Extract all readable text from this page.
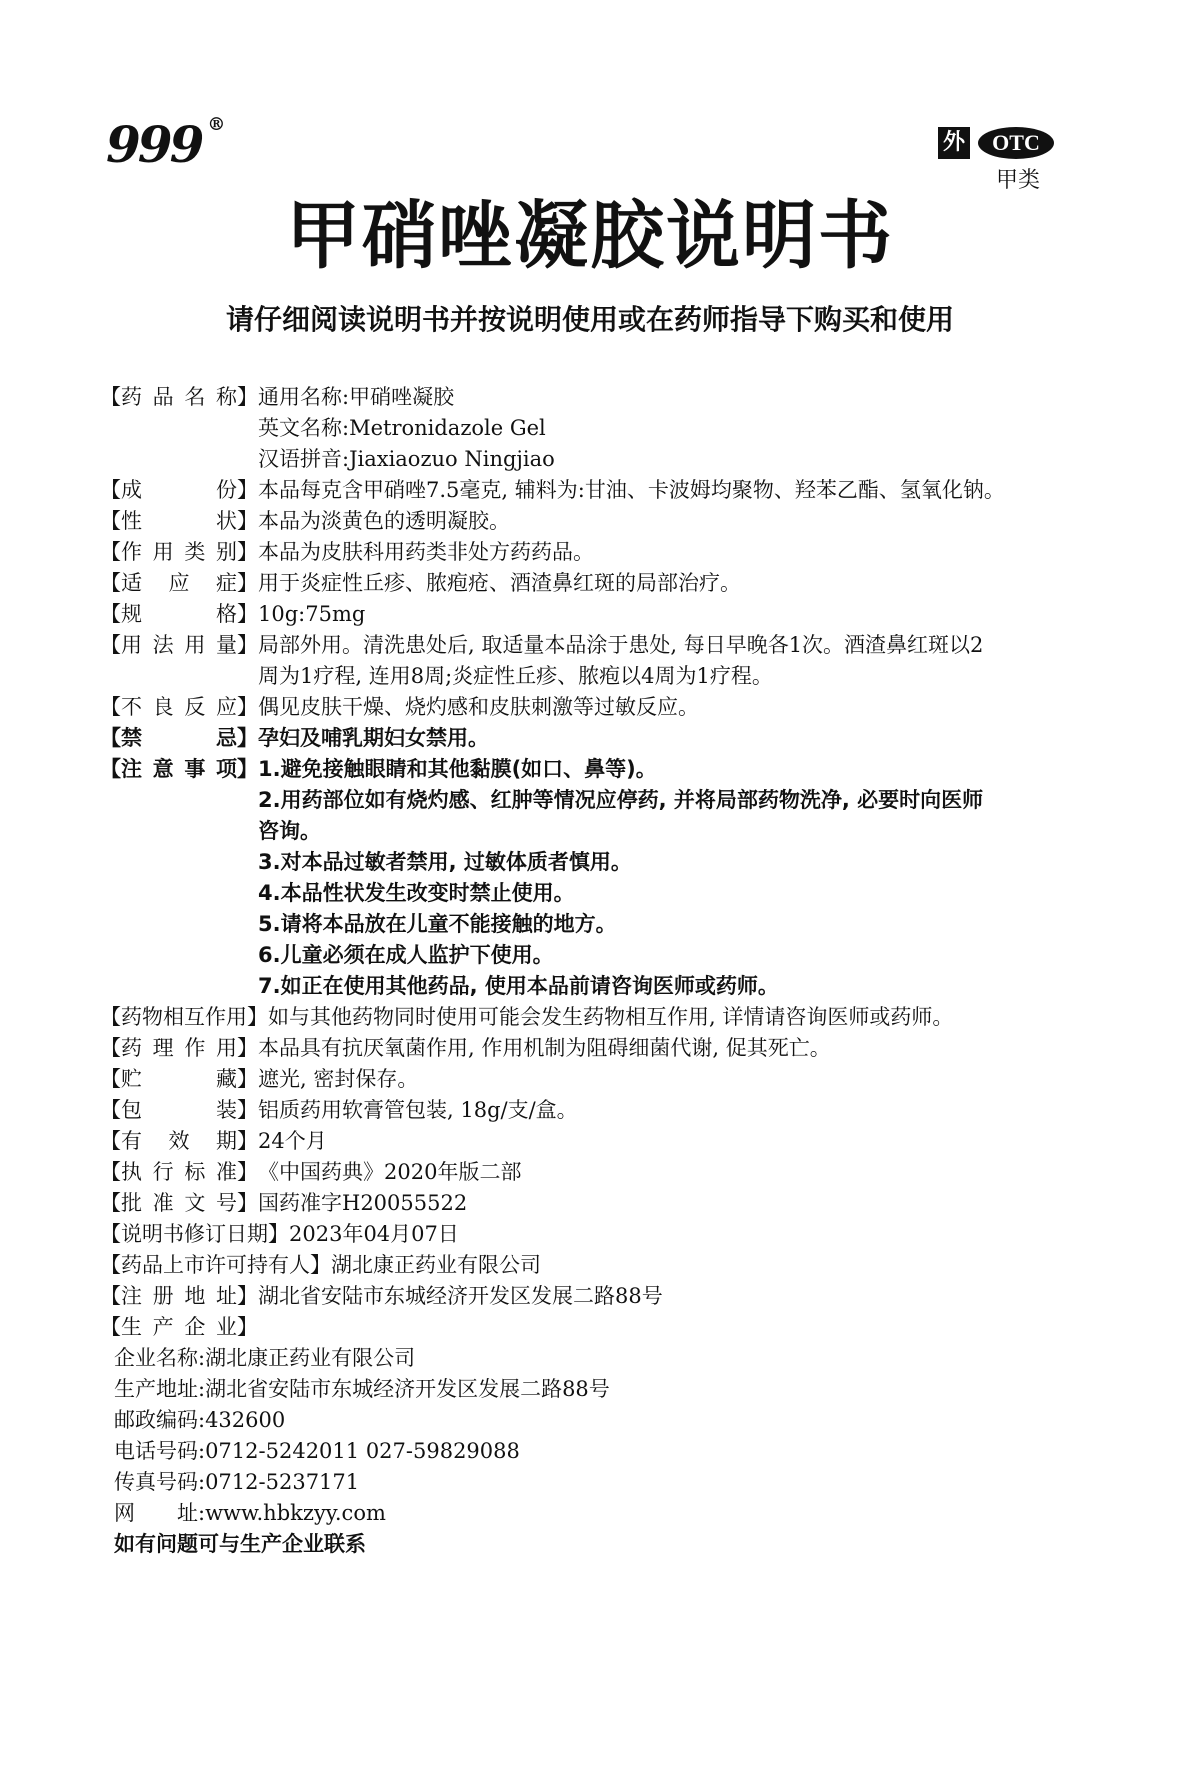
999 ®
外	OTC
甲类
甲硝唑凝胶说明书

请仔细阅读说明书并按说明使用或在药师指导下购买和使用

【 药 品 名 称 】 通用名称:甲硝唑凝胶

英文名称:Metronidazole Gel

汉语拼音:Jiaxiaozuo Ningjiao

【 成	份 】 本品每克含甲硝唑7.5毫克, 辅料为:甘油、卡波姆均聚物、羟苯乙酯、氢氧化钠。
【 性	状 】 本品为淡黄色的透明凝胶。
【 作 用 类 别 】 本品为皮肤科用药类非处方药药品。
【 适 应 症 】 用于炎症性丘疹、脓疱疮、酒渣鼻红斑的局部治疗。
【 规	格 】 10g:75mg
【 用 法 用 量 】 局部外用。清洗患处后, 取适量本品涂于患处, 每日早晚各1次。酒渣鼻红斑以2

周为1疗程, 连用8周;炎症性丘疹、脓疱以4周为1疗程。

【 不 良 反 应 】 偶见皮肤干燥、烧灼感和皮肤刺激等过敏反应。
【 禁	忌 】 孕妇及哺乳期妇女禁用。
【 注 意 事 项 】 1.避免接触眼睛和其他黏膜(如口、鼻等)。

2.用药部位如有烧灼感、红肿等情况应停药, 并将局部药物洗净, 必要时向医师

咨询。

3.对本品过敏者禁用, 过敏体质者慎用。

4.本品性状发生改变时禁止使用。

5.请将本品放在儿童不能接触的地方。

6.儿童必须在成人监护下使用。

7.如正在使用其他药品, 使用本品前请咨询医师或药师。

【 药物相互作用 】 如与其他药物同时使用可能会发生药物相互作用, 详情请咨询医师或药师。
【 药 理 作 用 】 本品具有抗厌氧菌作用, 作用机制为阻碍细菌代谢, 促其死亡。
【 贮	藏 】 遮光, 密封保存。
【 包	装 】 铝质药用软膏管包装, 18g/支/盒。
【 有 效 期 】 24个月
【 执 行 标 准 】 《中国药典》2020年版二部
【 批 准 文 号 】 国药准字H20055522
【 说明书修订日期 】 2023年04月07日
【 药品上市许可持有人 】 湖北康正药业有限公司
【 注 册 地 址 】 湖北省安陆市东城经济开发区发展二路88号
【 生 产 企 业 】

企业名称:湖北康正药业有限公司

生产地址:湖北省安陆市东城经济开发区发展二路88号

邮政编码:432600

电话号码:0712-5242011 027-59829088

传真号码:0712-5237171

网 址 :www.hbkzyy.com

如有问题可与生产企业联系
